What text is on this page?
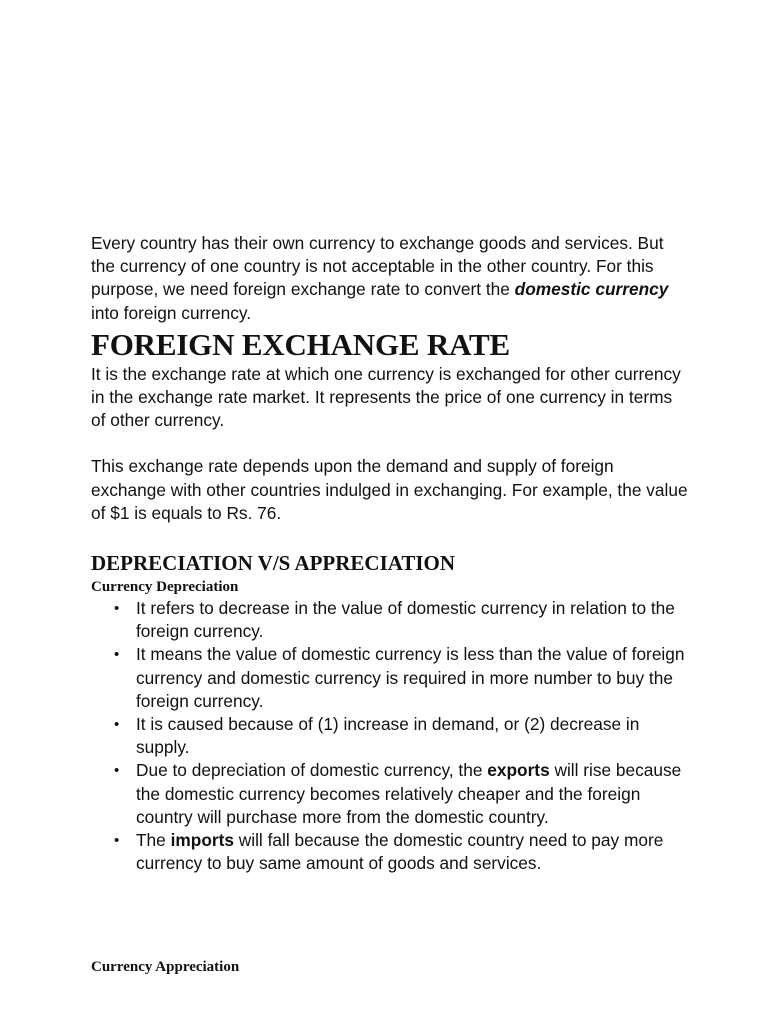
Every country has their own currency to exchange goods and services. But the currency of one country is not acceptable in the other country. For this purpose, we need foreign exchange rate to convert the domestic currency into foreign currency.

FOREIGN EXCHANGE RATE

It is the exchange rate at which one currency is exchanged for other currency in the exchange rate market. It represents the price of one currency in terms of other currency.

This exchange rate depends upon the demand and supply of foreign exchange with other countries indulged in exchanging. For example, the value of $1 is equals to Rs. 76.

DEPRECIATION V/S APPRECIATION
Currency Depreciation
• It refers to decrease in the value of domestic currency in relation to the foreign currency.
• It means the value of domestic currency is less than the value of foreign currency and domestic currency is required in more number to buy the foreign currency.
• It is caused because of (1) increase in demand, or (2) decrease in supply.
• Due to depreciation of domestic currency, the exports will rise because the domestic currency becomes relatively cheaper and the foreign country will purchase more from the domestic country.
• The imports will fall because the domestic country need to pay more currency to buy same amount of goods and services.
Currency Appreciation
